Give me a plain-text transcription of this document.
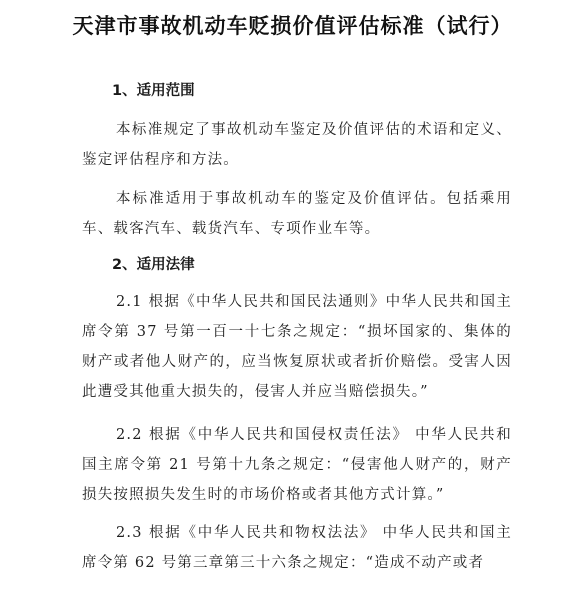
天津市事故机动车贬损价值评估标准（试行）
1、适用范围
本标准规定了事故机动车鉴定及价值评估的术语和定义、鉴定评估程序和方法。
本标准适用于事故机动车的鉴定及价值评估。包括乘用车、载客汽车、载货汽车、专项作业车等。
2、适用法律
2.1 根据《中华人民共和国民法通则》中华人民共和国主席令第 37 号第一百一十七条之规定：“损坏国家的、集体的财产或者他人财产的，应当恢复原状或者折价赔偿。受害人因此遭受其他重大损失的，侵害人并应当赔偿损失。”
2.2 根据《中华人民共和国侵权责任法》 中华人民共和国主席令第 21 号第十九条之规定：“侵害他人财产的，财产损失按照损失发生时的市场价格或者其他方式计算。”
2.3 根据《中华人民共和物权法法》 中华人民共和国主席令第 62 号第三章第三十六条之规定：“造成不动产或者
